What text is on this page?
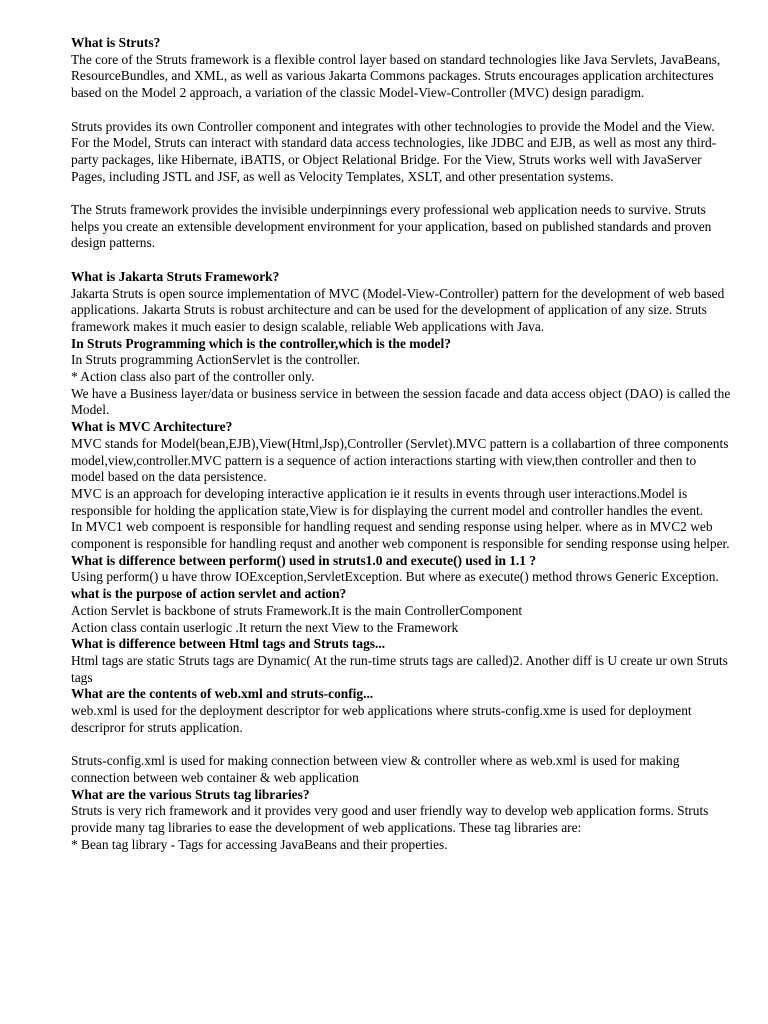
What is Struts?
The core of the Struts framework is a flexible control layer based on standard technologies like Java Servlets, JavaBeans, ResourceBundles, and XML, as well as various Jakarta Commons packages. Struts encourages application architectures based on the Model 2 approach, a variation of the classic Model-View-Controller (MVC) design paradigm.
Struts provides its own Controller component and integrates with other technologies to provide the Model and the View. For the Model, Struts can interact with standard data access technologies, like JDBC and EJB, as well as most any third-party packages, like Hibernate, iBATIS, or Object Relational Bridge. For the View, Struts works well with JavaServer Pages, including JSTL and JSF, as well as Velocity Templates, XSLT, and other presentation systems.
The Struts framework provides the invisible underpinnings every professional web application needs to survive. Struts helps you create an extensible development environment for your application, based on published standards and proven design patterns.
What is Jakarta Struts Framework?
Jakarta Struts is open source implementation of MVC (Model-View-Controller) pattern for the development of web based applications. Jakarta Struts is robust architecture and can be used for the development of application of any size. Struts framework makes it much easier to design scalable, reliable Web applications with Java.
In Struts Programming which is the controller,which is the model?
In Struts programming ActionServlet is the controller.
* Action class also part of the controller only.
We have a Business layer/data or business service in between the session facade and data access object (DAO) is called the Model.
What is MVC Architecture?
MVC stands for Model(bean,EJB),View(Html,Jsp),Controller (Servlet).MVC pattern is a collabartion of three components model,view,controller.MVC pattern is a sequence of action interactions starting with view,then controller and then to model based on the data persistence.
MVC is an approach for developing interactive application ie it results in events through user interactions.Model is responsible for holding the application state,View is for displaying the current model and controller handles the event.
In MVC1 web compoent is responsible for handling request and sending response using helper. where as in MVC2 web component is responsible for handling requst and another web component is responsible for sending response using helper.
What is difference between perform() used in struts1.0 and execute() used in 1.1 ?
Using perform() u have throw IOException,ServletException. But where as execute() method throws Generic Exception.
what is the purpose of action servlet and action?
Action Servlet is backbone of struts Framework.It is the main ControllerComponent
Action class contain userlogic .It return the next View to the Framework
What is difference between Html tags and Struts tags...
Html tags are static Struts tags are Dynamic( At the run-time struts tags are called)2. Another diff is U create ur own Struts tags
What are the contents of web.xml and struts-config...
web.xml is used for the deployment descriptor for web applications where struts-config.xme is used for deployment descripror for struts application.
Struts-config.xml is used for making connection between view & controller where as web.xml is used for making connection between web container & web application
What are the various Struts tag libraries?
Struts is very rich framework and it provides very good and user friendly way to develop web application forms. Struts provide many tag libraries to ease the development of web applications. These tag libraries are:
* Bean tag library - Tags for accessing JavaBeans and their properties.
